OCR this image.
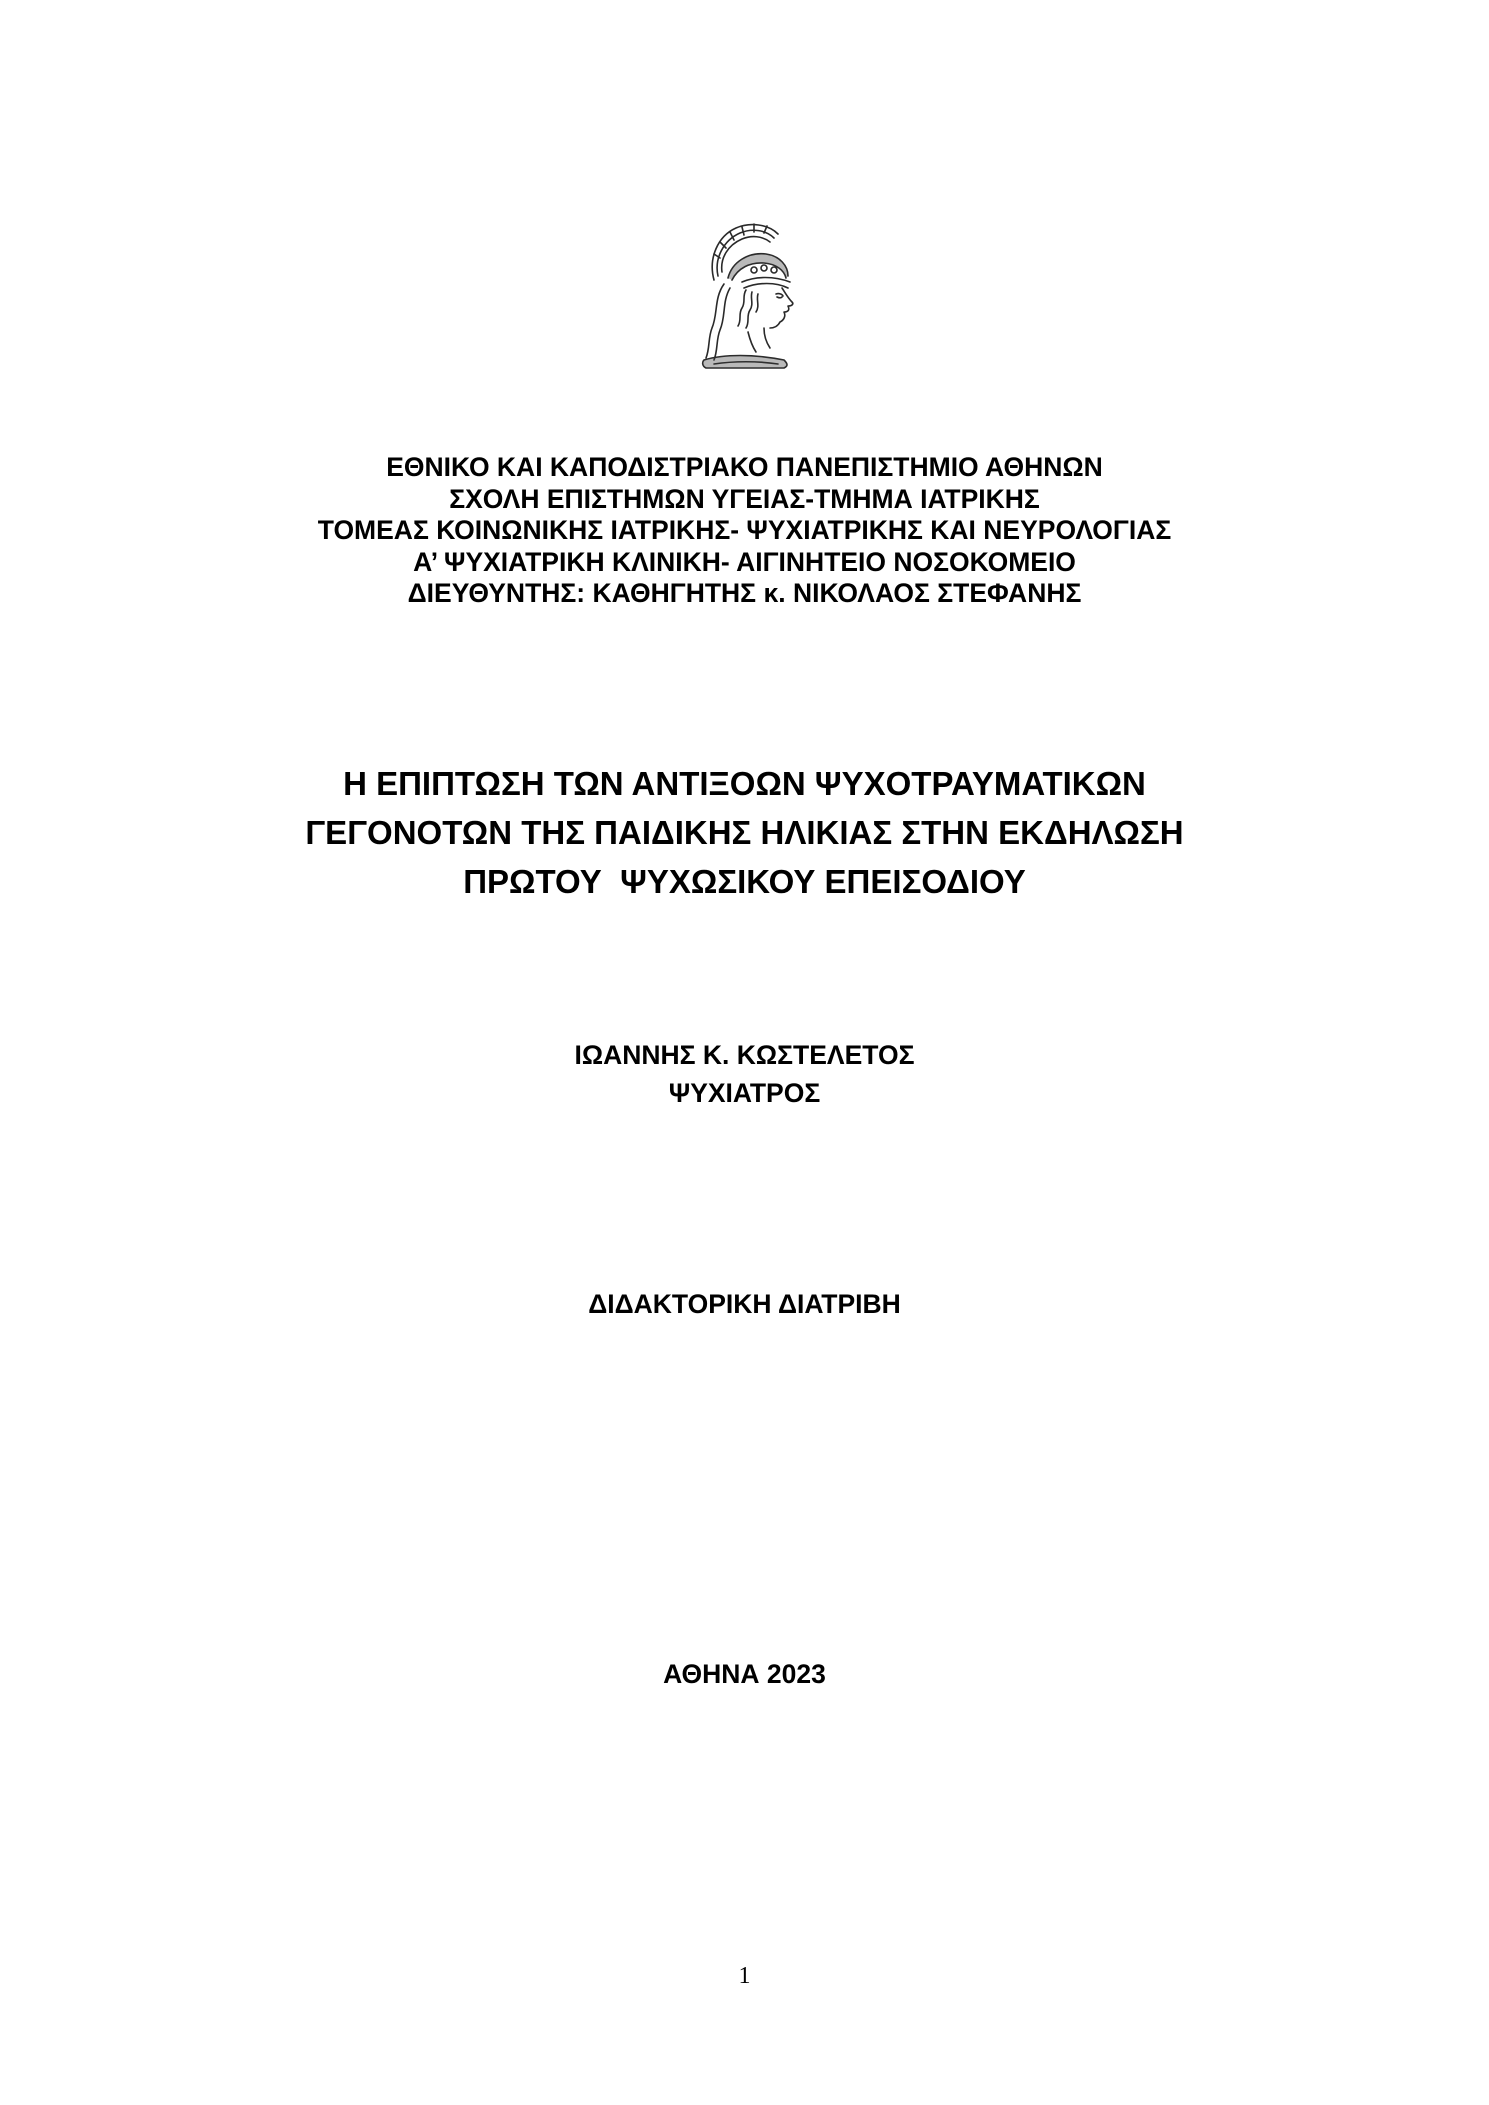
ΕΘΝΙΚΟ ΚΑΙ ΚΑΠΟΔΙΣΤΡΙΑΚΟ ΠΑΝΕΠΙΣΤΗΜΙΟ ΑΘΗΝΩΝ
ΣΧΟΛΗ ΕΠΙΣΤΗΜΩΝ ΥΓΕΙΑΣ-ΤΜΗΜΑ ΙΑΤΡΙΚΗΣ
ΤΟΜΕΑΣ ΚΟΙΝΩΝΙΚΗΣ ΙΑΤΡΙΚΗΣ- ΨΥΧΙΑΤΡΙΚΗΣ ΚΑΙ ΝΕΥΡΟΛΟΓΙΑΣ
Α’ ΨΥΧΙΑΤΡΙΚΗ ΚΛΙΝΙΚΗ- ΑΙΓΙΝΗΤΕΙΟ ΝΟΣΟΚΟΜΕΙΟ
ΔΙΕΥΘΥΝΤΗΣ: ΚΑΘΗΓΗΤΗΣ κ. ΝΙΚΟΛΑΟΣ ΣΤΕΦΑΝΗΣ
Η ΕΠΙΠΤΩΣΗ ΤΩΝ ΑΝΤΙΞΟΩΝ ΨΥΧΟΤΡΑΥΜΑΤΙΚΩΝ
ΓΕΓΟΝΟΤΩΝ ΤΗΣ ΠΑΙΔΙΚΗΣ ΗΛΙΚΙΑΣ ΣΤΗΝ ΕΚΔΗΛΩΣΗ
ΠΡΩΤΟΥ  ΨΥΧΩΣΙΚΟΥ ΕΠΕΙΣΟΔΙΟΥ
ΙΩΑΝΝΗΣ Κ. ΚΩΣΤΕΛΕΤΟΣ
ΨΥΧΙΑΤΡΟΣ
ΔΙΔΑΚΤΟΡΙΚΗ ΔΙΑΤΡΙΒΗ
ΑΘΗΝΑ 2023
1
